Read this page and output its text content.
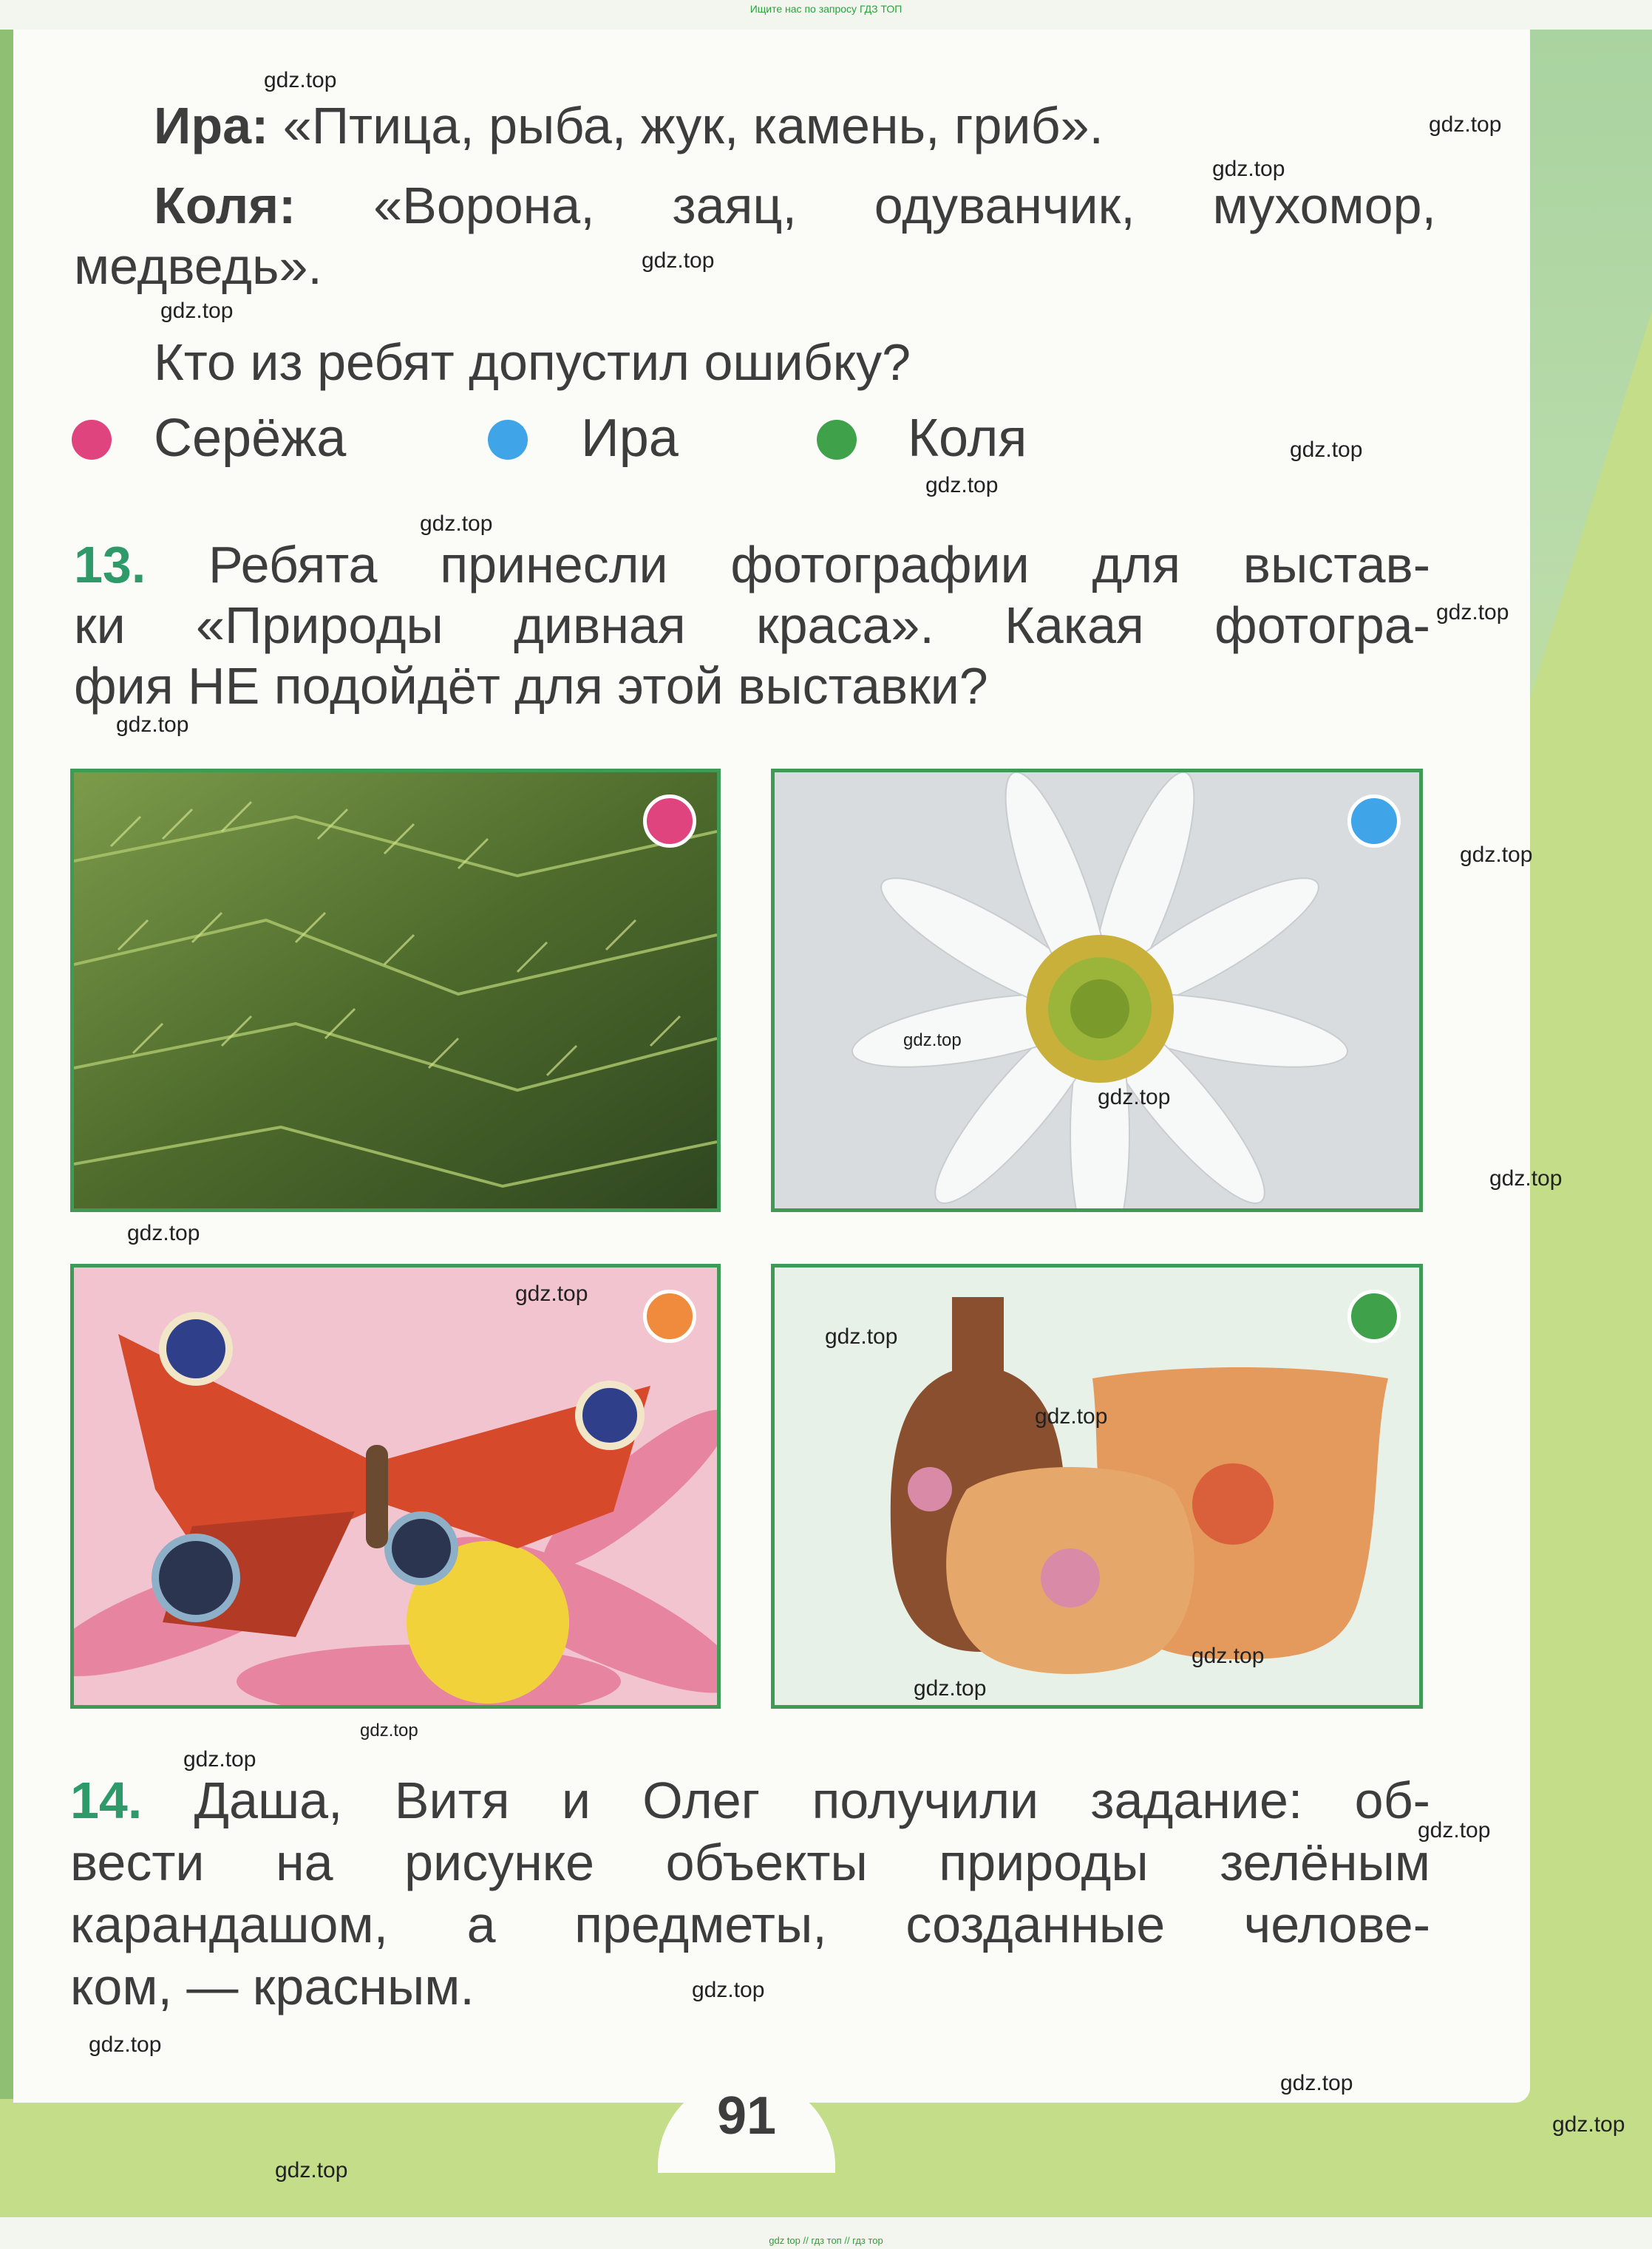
Ищите нас по запросу ГДЗ ТОП
Ира: «Птица, рыба, жук, камень, гриб».
Коля: «Ворона, заяц, одуванчик, мухомор,
медведь».
Кто из ребят допустил ошибку?
Серёжа	Ира	Коля
13. Ребята принесли фотографии для выстав-
ки «Природы дивная краса». Какая фотогра-
фия НЕ подойдёт для этой выставки?
14. Даша, Витя и Олег получили задание: об-
вести на рисунке объекты природы зелёным
карандашом, а предметы, созданные челове-
ком, — красным.
91
gdz.top
gdz.top
gdz.top
gdz.top
gdz.top
gdz.top
gdz.top
gdz.top
gdz.top
gdz.top
gdz.top
gdz.top
gdz.top
gdz.top
gdz.top
gdz.top
gdz.top
gdz.top
gdz.top
gdz.top
gdz.top
gdz.top
gdz.top
gdz.top
gdz.top
gdz.top
gdz.top
gdz.top
gdz top // гдз топ // гдз тор
